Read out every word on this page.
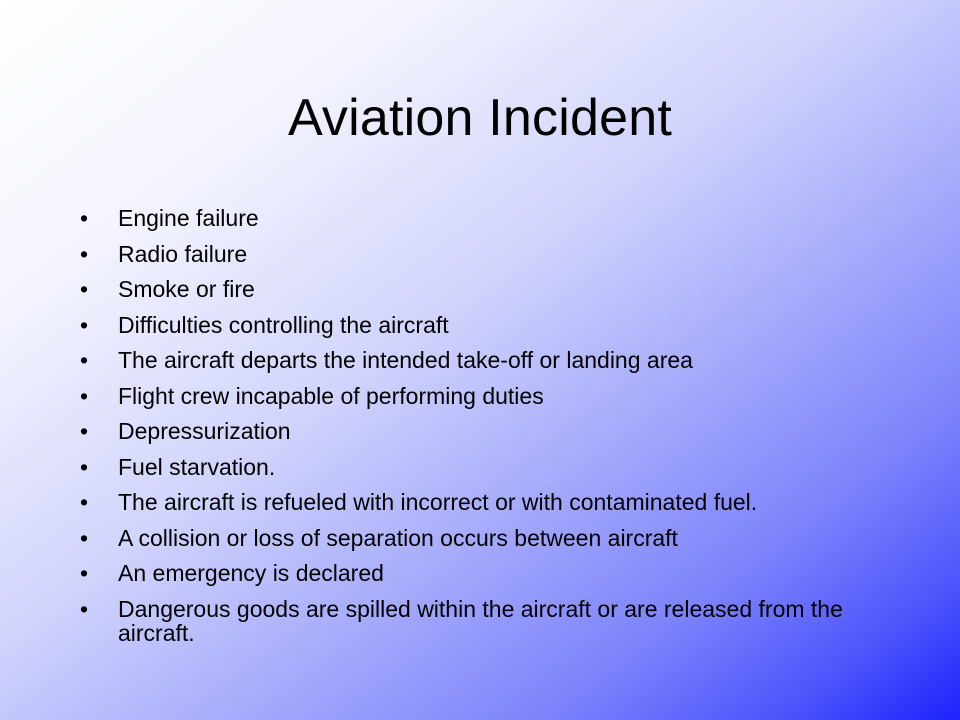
Aviation Incident
•	Engine failure
•	Radio failure
•	Smoke or fire
•	Difficulties controlling the aircraft
•	The aircraft departs the intended take-off or landing area
•	Flight crew incapable of performing duties
•	Depressurization
•	Fuel starvation.
•	The aircraft is refueled with incorrect or with contaminated fuel.
•	A collision or loss of separation occurs between aircraft
•	An emergency is declared
•	Dangerous goods are spilled within the aircraft or are released from the aircraft.
